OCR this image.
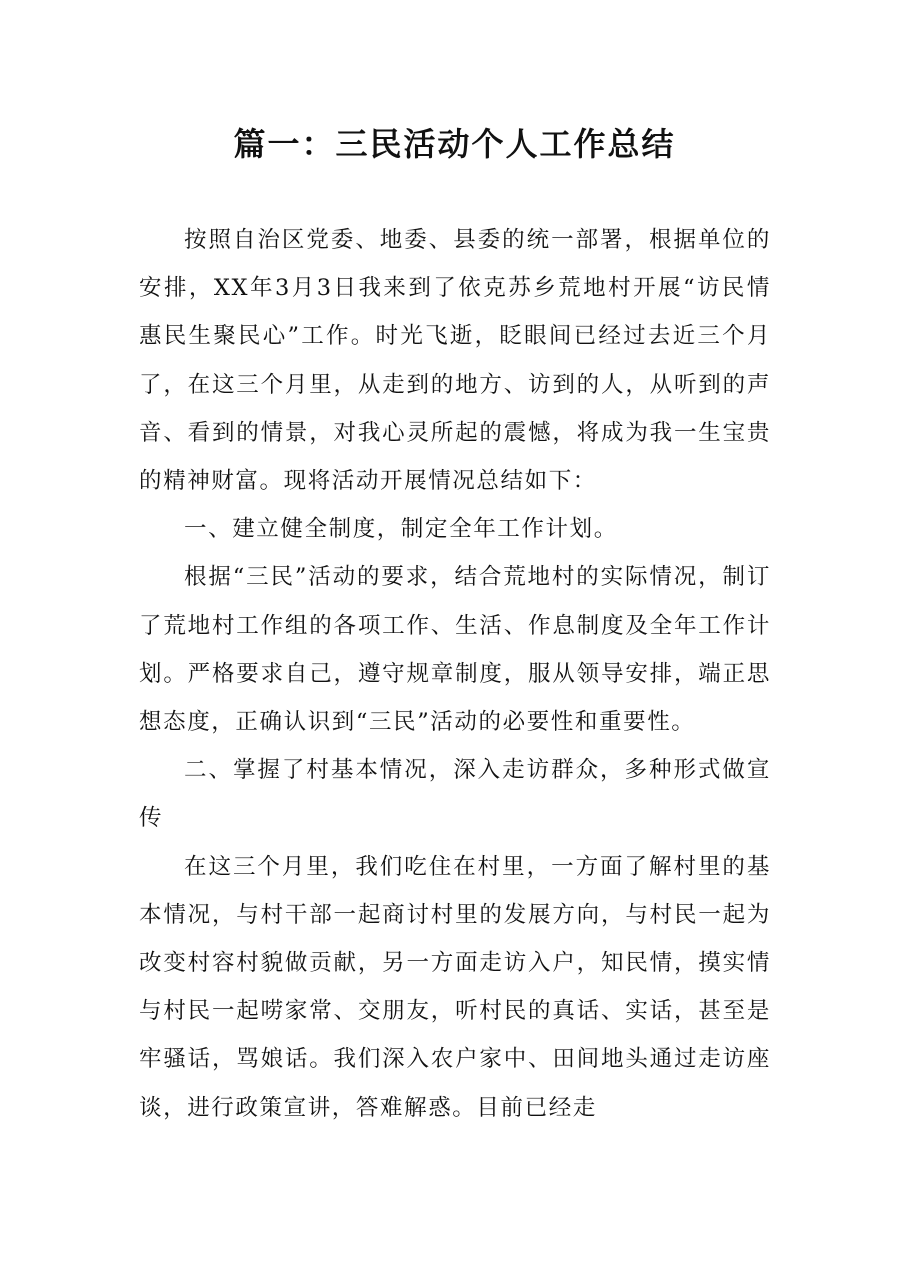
篇一：三民活动个人工作总结

按照自治区党委、地委、县委的统一部署，根据单位的安排，XX年3月3日我来到了依克苏乡荒地村开展“访民情惠民生聚民心”工作。时光飞逝，眨眼间已经过去近三个月了，在这三个月里，从走到的地方、访到的人，从听到的声音、看到的情景，对我心灵所起的震憾，将成为我一生宝贵的精神财富。现将活动开展情况总结如下：

一、建立健全制度，制定全年工作计划。

根据“三民”活动的要求，结合荒地村的实际情况，制订了荒地村工作组的各项工作、生活、作息制度及全年工作计划。严格要求自己，遵守规章制度，服从领导安排，端正思想态度，正确认识到“三民”活动的必要性和重要性。

二、掌握了村基本情况，深入走访群众，多种形式做宣传

在这三个月里，我们吃住在村里，一方面了解村里的基本情况，与村干部一起商讨村里的发展方向，与村民一起为改变村容村貌做贡献，另一方面走访入户，知民情，摸实情与村民一起唠家常、交朋友，听村民的真话、实话，甚至是牢骚话，骂娘话。我们深入农户家中、田间地头通过走访座谈，进行政策宣讲，答难解惑。目前已经走
